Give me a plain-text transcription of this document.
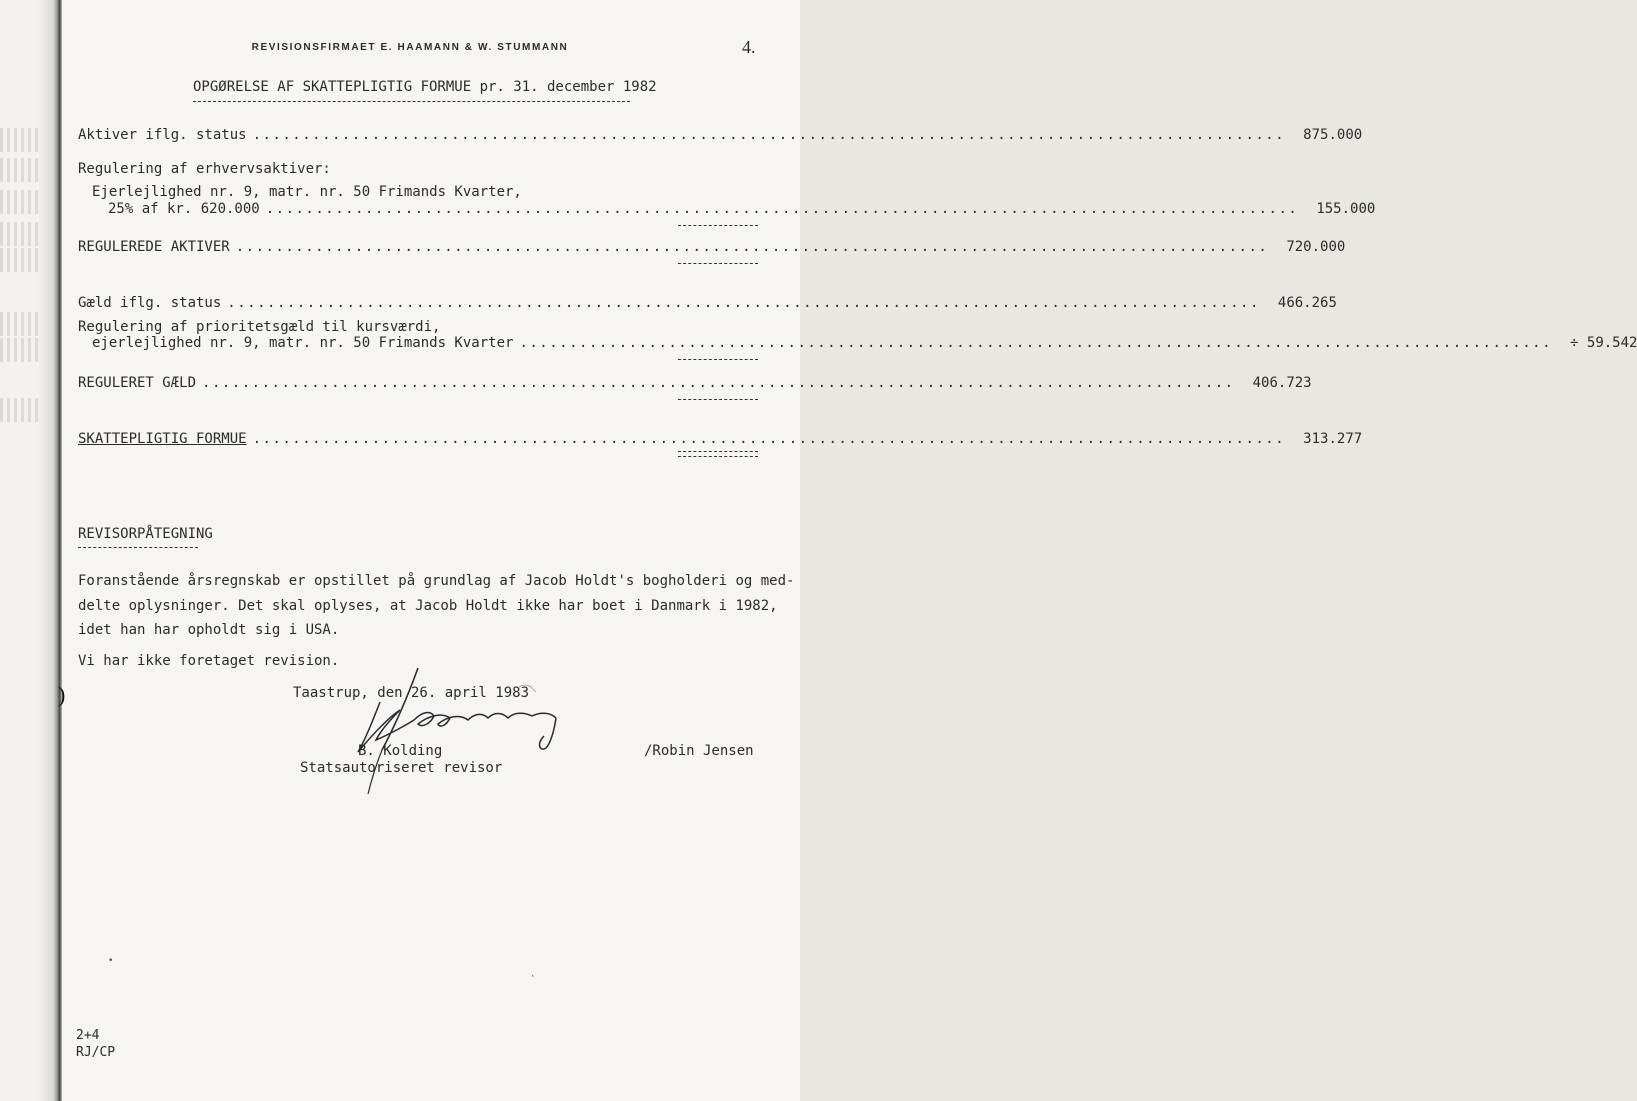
)
REVISIONSFIRMAET E. HAAMANN & W. STUMMANN	4.
OPGØRELSE AF SKATTEPLIGTIG FORMUE pr. 31. december 1982
Aktiver iflg. status ........................................................................................................ 875.000
Regulering af erhvervsaktiver:
Ejerlejlighed nr. 9, matr. nr. 50 Frimands Kvarter,
25% af kr. 620.000 ........................................................................................................ 155.000
REGULEREDE AKTIVER ........................................................................................................ 720.000
Gæld iflg. status ........................................................................................................ 466.265
Regulering af prioritetsgæld til kursværdi,
ejerlejlighed nr. 9, matr. nr. 50 Frimands Kvarter ........................................................................................................ ÷ 59.542
REGULERET GÆLD ........................................................................................................ 406.723
SKATTEPLIGTIG FORMUE ........................................................................................................ 313.277
REVISORPÅTEGNING
Foranstående årsregnskab er opstillet på grundlag af Jacob Holdt's bogholderi og med-
delte oplysninger. Det skal oplyses, at Jacob Holdt ikke har boet i Danmark i 1982,
idet han har opholdt sig i USA.
Vi har ikke foretaget revision.
Taastrup, den 26. april 1983
B. Kolding
Statsautoriseret revisor
/Robin Jensen
•
·
2+4
RJ/CP
